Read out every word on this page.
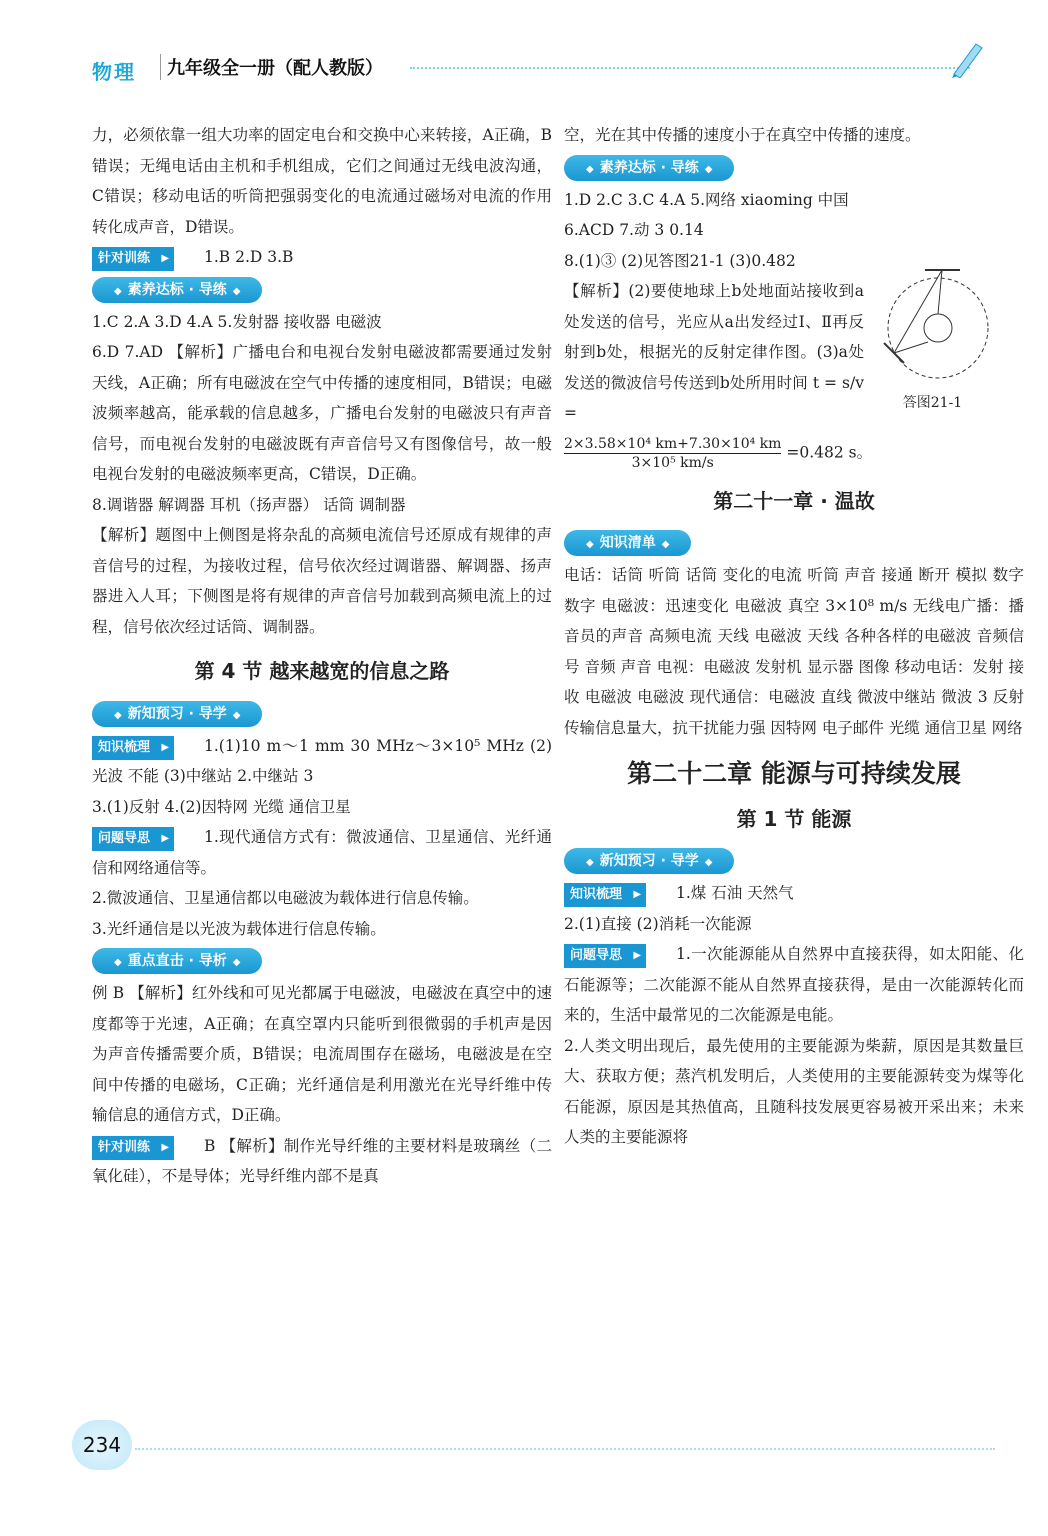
物理	九年级全一册（配人教版）

力，必须依靠一组大功率的固定电台和交换中心来转接，A正确，B错误；无绳电话由主机和手机组成，它们之间通过无线电波沟通，C错误；移动电话的听筒把强弱变化的电流通过磁场对电流的作用转化成声音，D错误。

针对训练 ▶	1.B 2.D 3.B
◆ 素养达标 · 导练 ◆

1.C 2.A 3.D 4.A 5.发射器 接收器 电磁波

6.D 7.AD 【解析】广播电台和电视台发射电磁波都需要通过发射天线，A正确；所有电磁波在空气中传播的速度相同，B错误；电磁波频率越高，能承载的信息越多，广播电台发射的电磁波只有声音信号，而电视台发射的电磁波既有声音信号又有图像信号，故一般电视台发射的电磁波频率更高，C错误，D正确。

8.调谐器 解调器 耳机（扬声器） 话筒 调制器

【解析】题图中上侧图是将杂乱的高频电流信号还原成有规律的声音信号的过程，为接收过程，信号依次经过调谐器、解调器、扬声器进入人耳；下侧图是将有规律的声音信号加载到高频电流上的过程，信号依次经过话筒、调制器。

第 4 节 越来越宽的信息之路
◆ 新知预习 · 导学 ◆

知识梳理 ▶	1.(1)10 m～1 mm 30 MHz～3×10⁵ MHz (2)光波 不能 (3)中继站 2.中继站 3

3.(1)反射 4.(2)因特网 光缆 通信卫星

问题导思 ▶	1.现代通信方式有：微波通信、卫星通信、光纤通信和网络通信等。

2.微波通信、卫星通信都以电磁波为载体进行信息传输。

3.光纤通信是以光波为载体进行信息传输。

◆ 重点直击 · 导析 ◆

例 B 【解析】红外线和可见光都属于电磁波，电磁波在真空中的速度都等于光速，A正确；在真空罩内只能听到很微弱的手机声是因为声音传播需要介质，B错误；电流周围存在磁场，电磁波是在空间中传播的电磁场，C正确；光纤通信是利用激光在光导纤维中传输信息的通信方式，D正确。

针对训练 ▶	B 【解析】制作光导纤维的主要材料是玻璃丝（二氧化硅），不是导体；光导纤维内部不是真

空，光在其中传播的速度小于在真空中传播的速度。

◆ 素养达标 · 导练 ◆

1.D 2.C 3.C 4.A 5.网络 xiaoming 中国

6.ACD 7.动 3 0.14

8.(1)③ (2)见答图21-1 (3)0.482

【解析】(2)要使地球上b处地面站接收到a处发送的信号，光应从a出发经过Ⅰ、Ⅱ再反射到b处，根据光的反射定律作图。(3)a处发送的微波信号传送到b处所用时间 t = s/v =

$\frac{\text{2×3.58×10⁴ km+7.30×10⁴ km}}{\text{3×10⁵ km/s}} =0.482$ s。
第二十一章 · 温故
◆ 知识清单 ◆

电话：话筒 听筒 话筒 变化的电流 听筒 声音 接通 断开 模拟 数字 数字 电磁波：迅速变化 电磁波 真空 3×10⁸ m/s 无线电广播：播音员的声音 高频电流 天线 电磁波 天线 各种各样的电磁波 音频信号 音频 声音 电视：电磁波 发射机 显示器 图像 移动电话：发射 接收 电磁波 电磁波 现代通信：电磁波 直线 微波中继站 微波 3 反射 传输信息量大，抗干扰能力强 因特网 电子邮件 光缆 通信卫星 网络

第二十二章 能源与可持续发展
第 1 节 能源
◆ 新知预习 · 导学 ◆

知识梳理 ▶	1.煤 石油 天然气

2.(1)直接 (2)消耗一次能源

问题导思 ▶	1.一次能源能从自然界中直接获得，如太阳能、化石能源等；二次能源不能从自然界直接获得，是由一次能源转化而来的，生活中最常见的二次能源是电能。

2.人类文明出现后，最先使用的主要能源为柴薪，原因是其数量巨大、获取方便；蒸汽机发明后，人类使用的主要能源转变为煤等化石能源，原因是其热值高，且随科技发展更容易被开采出来；未来人类的主要能源将

答图21-1
234
